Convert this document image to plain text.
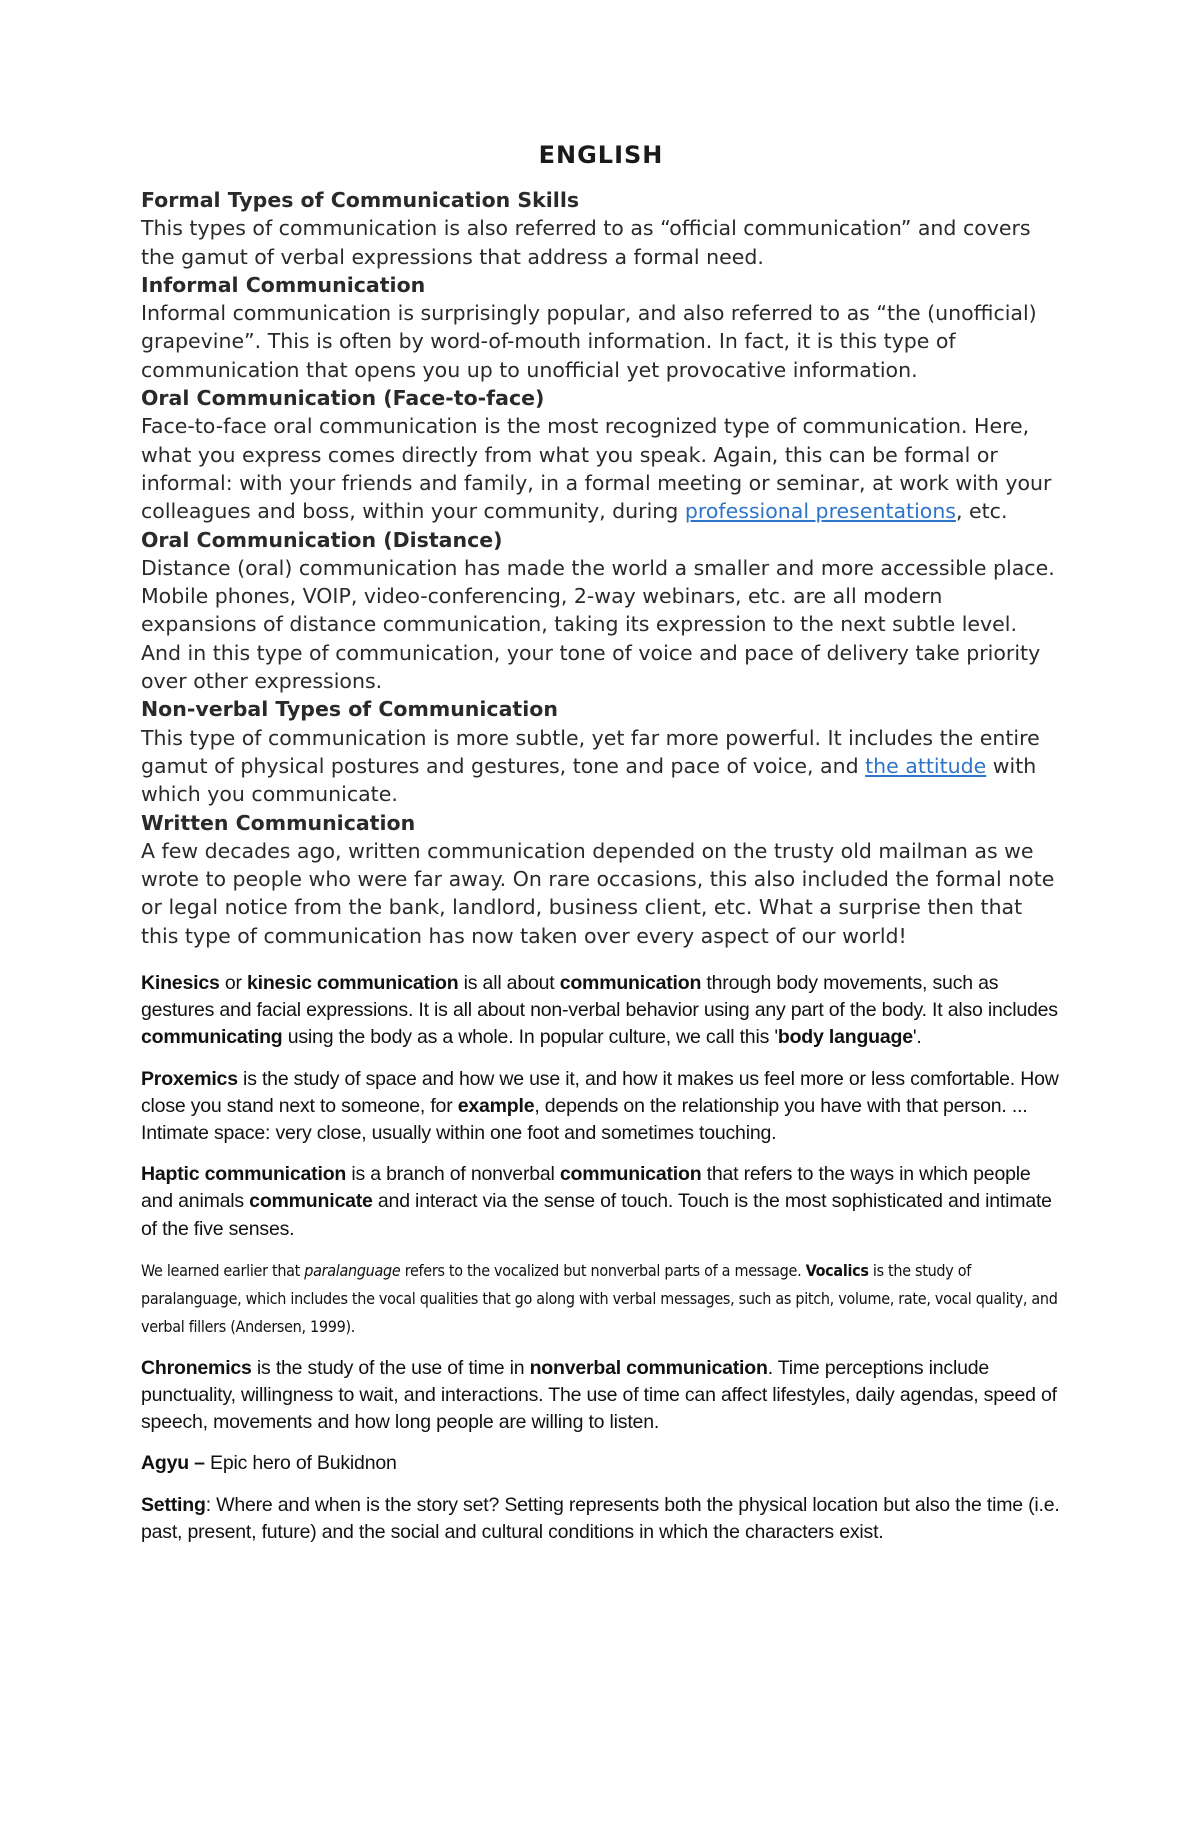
ENGLISH

Formal Types of Communication Skills

This types of communication is also referred to as “official communication” and covers the gamut of verbal expressions that address a formal need.

Informal Communication

Informal communication is surprisingly popular, and also referred to as “the (unofficial) grapevine”. This is often by word-of-mouth information. In fact, it is this type of communication that opens you up to unofficial yet provocative information.

Oral Communication (Face-to-face)

Face-to-face oral communication is the most recognized type of communication. Here, what you express comes directly from what you speak. Again, this can be formal or informal: with your friends and family, in a formal meeting or seminar, at work with your colleagues and boss, within your community, during professional presentations, etc.

Oral Communication (Distance)

Distance (oral) communication has made the world a smaller and more accessible place. Mobile phones, VOIP, video-conferencing, 2-way webinars, etc. are all modern expansions of distance communication, taking its expression to the next subtle level. And in this type of communication, your tone of voice and pace of delivery take priority over other expressions.

Non-verbal Types of Communication

This type of communication is more subtle, yet far more powerful. It includes the entire gamut of physical postures and gestures, tone and pace of voice, and the attitude with which you communicate.

Written Communication

A few decades ago, written communication depended on the trusty old mailman as we wrote to people who were far away. On rare occasions, this also included the formal note or legal notice from the bank, landlord, business client, etc. What a surprise then that this type of communication has now taken over every aspect of our world!

Kinesics or kinesic communication is all about communication through body movements, such as gestures and facial expressions. It is all about non-verbal behavior using any part of the body. It also includes communicating using the body as a whole. In popular culture, we call this 'body language'.

Proxemics is the study of space and how we use it, and how it makes us feel more or less comfortable. How close you stand next to someone, for example, depends on the relationship you have with that person. ... Intimate space: very close, usually within one foot and sometimes touching.

Haptic communication is a branch of nonverbal communication that refers to the ways in which people and animals communicate and interact via the sense of touch. Touch is the most sophisticated and intimate of the five senses.

We learned earlier that paralanguage refers to the vocalized but nonverbal parts of a message. Vocalics is the study of paralanguage, which includes the vocal qualities that go along with verbal messages, such as pitch, volume, rate, vocal quality, and verbal fillers (Andersen, 1999).

Chronemics is the study of the use of time in nonverbal communication. Time perceptions include punctuality, willingness to wait, and interactions. The use of time can affect lifestyles, daily agendas, speed of speech, movements and how long people are willing to listen.

Agyu – Epic hero of Bukidnon

Setting: Where and when is the story set? Setting represents both the physical location but also the time (i.e. past, present, future) and the social and cultural conditions in which the characters exist.
